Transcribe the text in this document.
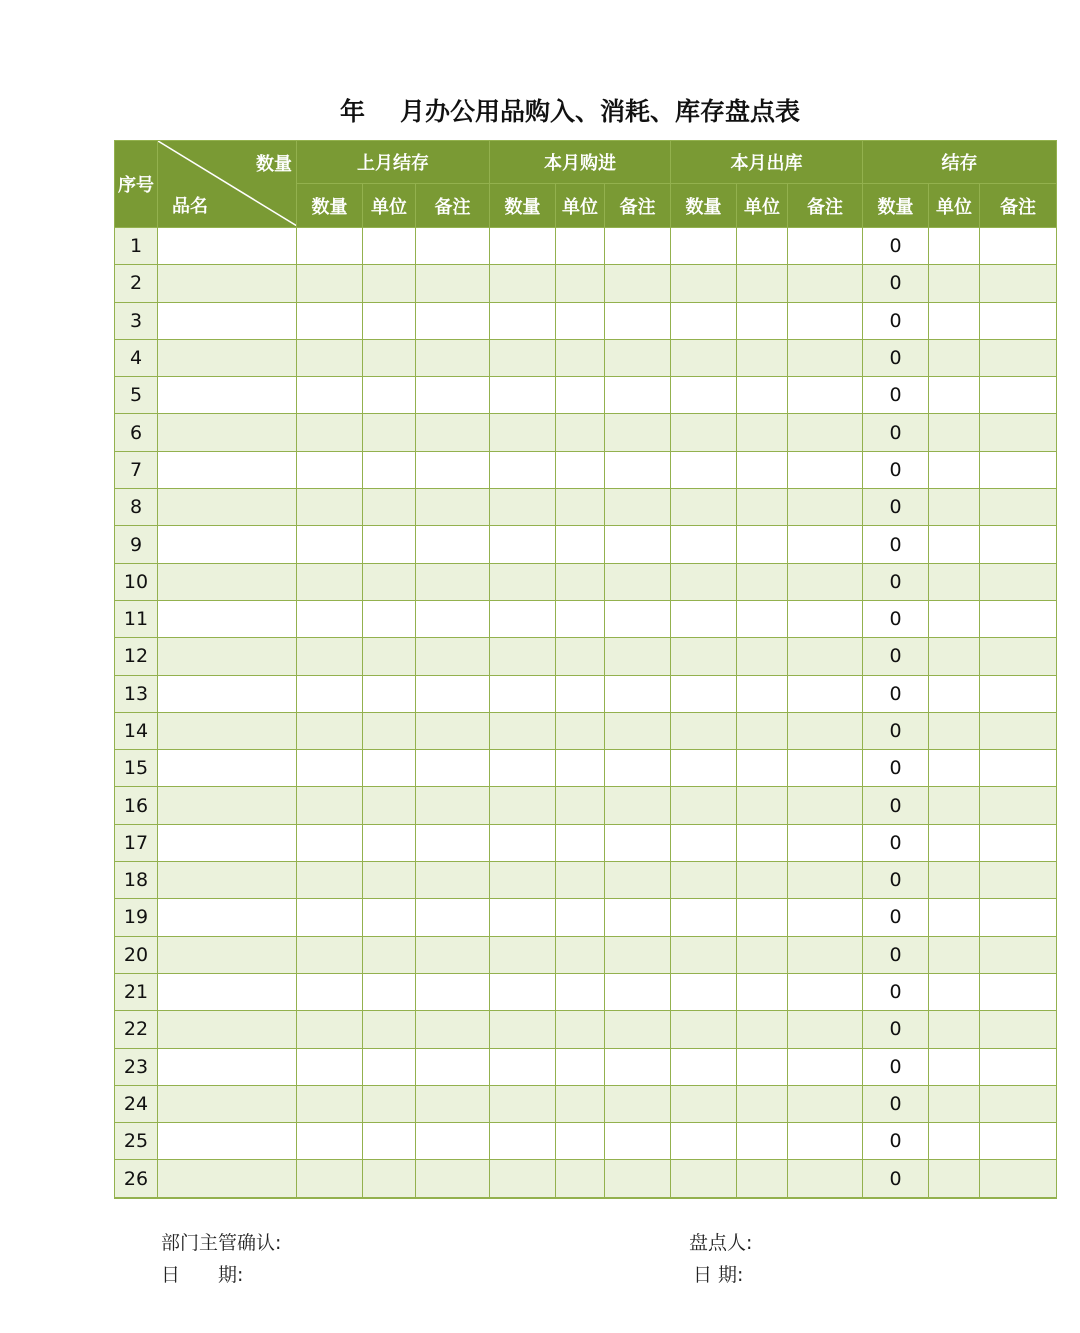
年 月办公用品购入、消耗、库存盘点表
序号	数量
品名	上月结存			本月购进			本月出库			结存		
		数量	单位	备注	数量	单位	备注	数量	单位	备注	数量	单位	备注
1											0		
2											0		
3											0		
4											0		
5											0		
6											0		
7											0		
8											0		
9											0		
10											0		
11											0		
12											0		
13											0		
14											0		
15											0		
16											0		
17											0		
18											0		
19											0		
20											0		
21											0		
22											0		
23											0		
24											0		
25											0		
26											0		
部门主管确认:
日　　期:
盘点人:
日 期:
